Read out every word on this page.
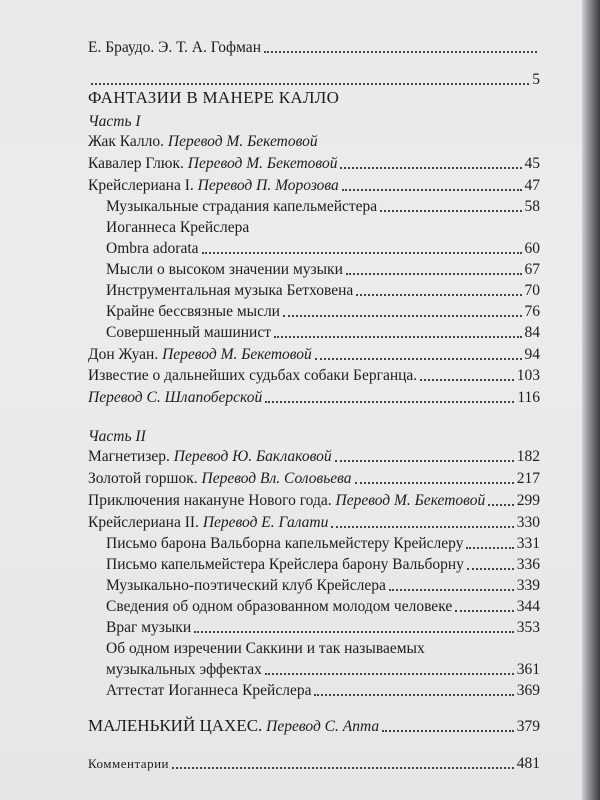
Е. Браудо. Э. Т. А. Гофман
5
ФАНТАЗИИ В МАНЕРЕ КАЛЛО
Часть I
Жак Калло. Перевод М. Бекетовой
Кавалер Глюк. Перевод М. Бекетовой	45
Крейслериана I. Перевод П. Морозова	47
Музыкальные страдания капельмейстера	58
Иоганнеса Крейслера
Ombra adorata	60
Мысли о высоком значении музыки	67
Инструментальная музыка Бетховена	70
Крайне бессвязные мысли	76
Совершенный машинист	84
Дон Жуан. Перевод М. Бекетовой	94
Известие о дальнейших судьбах собаки Берганца.	103
Перевод С. Шлапоберской	116
Часть II
Магнетизер. Перевод Ю. Баклаковой	182
Золотой горшок. Перевод Вл. Соловьева	217
Приключения накануне Нового года. Перевод М. Бекетовой 299
Крейслериана II. Перевод Е. Галати	330
Письмо барона Вальборна капельмейстеру Крейслеру	331
Письмо капельмейстера Крейслера барону Вальборну	336
Музыкально-поэтический клуб Крейслера	339
Сведения об одном образованном молодом человеке	344
Враг музыки	353
Об одном изречении Саккини и так называемых
музыкальных эффектах	361
Аттестат Иоганнеса Крейслера	369
МАЛЕНЬКИЙ ЦАХЕС. Перевод С. Апта	379
Комментарии	481
